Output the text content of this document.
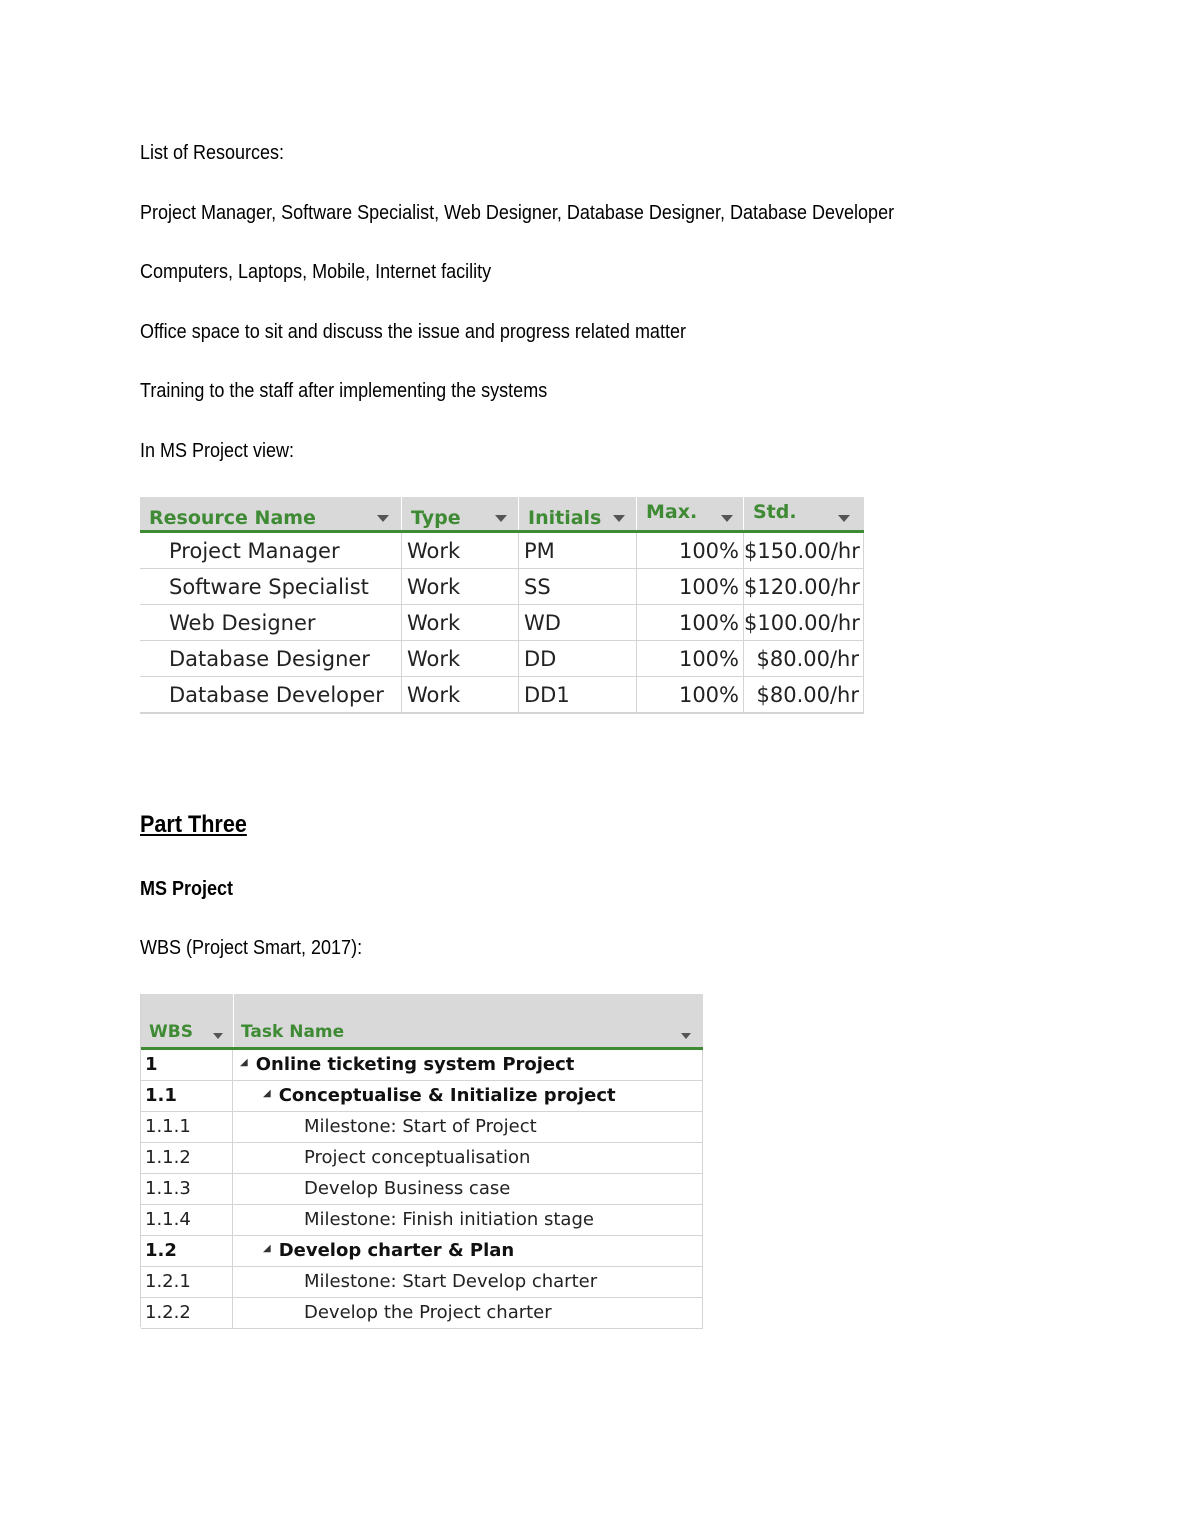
List of Resources:

Project Manager, Software Specialist, Web Designer, Database Designer, Database Developer

Computers, Laptops, Mobile, Internet facility

Office space to sit and discuss the issue and progress related matter

Training to the staff after implementing the systems

In MS Project view:

Resource Name	Type	Initials Max.	Std.
Project Manager	Work	PM	100% $150.00/hr
Software Specialist	Work	SS	100% $120.00/hr
Web Designer	Work	WD	100% $100.00/hr
Database Designer	Work	DD	100% $80.00/hr
Database Developer	Work	DD1	100% $80.00/hr

Part Three

MS Project

WBS (Project Smart, 2017):

WBS	Task Name
1	◢ Online ticketing system Project
1.1	◢ Conceptualise & Initialize project
1.1.1	Milestone: Start of Project
1.1.2	Project conceptualisation
1.1.3	Develop Business case
1.1.4	Milestone: Finish initiation stage
1.2	◢ Develop charter & Plan
1.2.1	Milestone: Start Develop charter
1.2.2	Develop the Project charter
